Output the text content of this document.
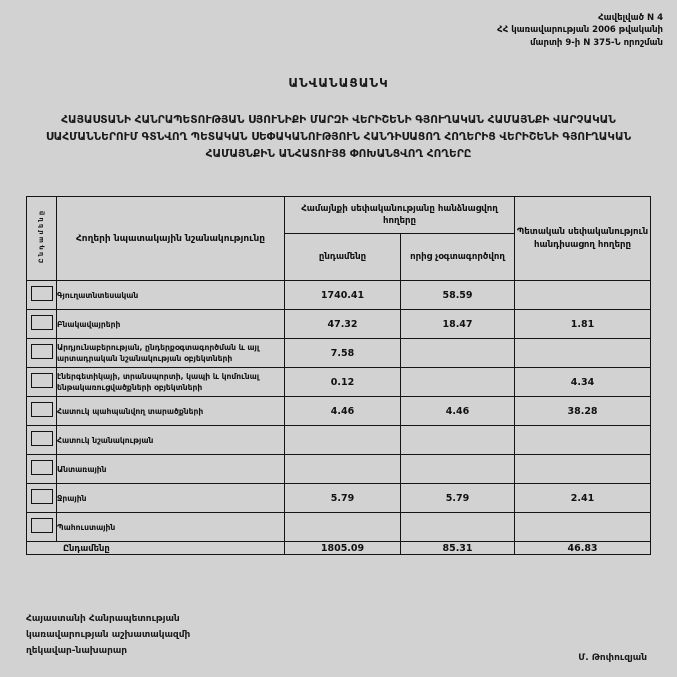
Հավելված N 4
ՀՀ կառավարության 2006 թվականի
մարտի 9-ի N 375-Ն որոշման
ԱՆՎԱՆԱՑԱՆԿ
ՀԱՅԱՍՏԱՆԻ ՀԱՆՐԱՊԵՏՈՒԹՅԱՆ ՍՅՈՒՆԻՔԻ ՄԱՐԶԻ ՎԵՐԻՇԵՆԻ ԳՅՈՒՂԱԿԱՆ ՀԱՄԱՅՆՔԻ ՎԱՐՉԱԿԱՆ ՍԱՀՄԱՆՆԵՐՈՒՄ ԳՏՆՎՈՂ ՊԵՏԱԿԱՆ ՍԵՓԱԿԱՆՈՒԹՅՈՒՆ ՀԱՆԴԻՍԱՑՈՂ ՀՈՂԵՐԻՑ ՎԵՐԻՇԵՆԻ ԳՅՈՒՂԱԿԱՆ ՀԱՄԱՅՆՔԻՆ ԱՆՀԱՏՈՒՅՑ ՓՈԽԱՆՑՎՈՂ ՀՈՂԵՐԸ
Ը ն դ ա մ ե ն ը	Հողերի նպատակային նշանակությունը	Համայնքի սեփականությանը հանձնացվող հողերը		Պետական սեփականություն հանդիսացող հողերը
		ընդամենը	որից չօգտագործվող	
	Գյուղատնտեսական	1740.41	58.59	
	Բնակավայրերի	47.32	18.47	1.81
	Արդյունաբերության, ընդերքօգտագործման և այլ արտադրական նշանակության օբյեկտների	7.58		
	էներգետիկայի, տրանսպորտի, կապի և կոմունալ ենթակառուցվածքների օբյեկտների	0.12		4.34
	Հատուկ պահպանվող տարածքների	4.46	4.46	38.28
	Հատուկ նշանակության			
	Անտառային			
	Ջրային	5.79	5.79	2.41
	Պահուստային			
Ընդամենը		1805.09	85.31	46.83
Հայաստանի Հանրապետության
կառավարության աշխատակազմի
ղեկավար-նախարար
Մ. Թոփուզյան
